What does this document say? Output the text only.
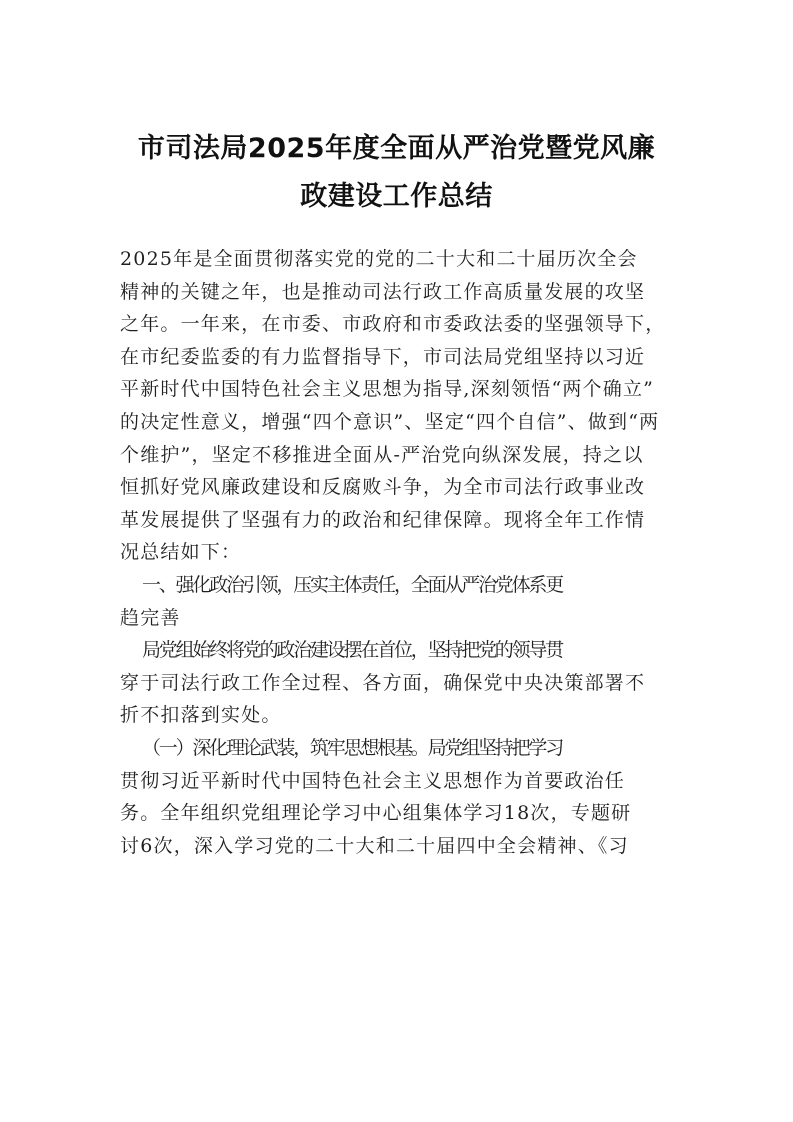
市司法局2025年度全面从严治党暨党风廉
政建设工作总结
2025年是全面贯彻落实党的党的二十大和二十届历次全会
精神的关键之年，也是推动司法行政工作高质量发展的攻坚
之年。一年来，在市委、市政府和市委政法委的坚强领导下，
在市纪委监委的有力监督指导下，市司法局党组坚持以习近
平新时代中国特色社会主义思想为指导,深刻领悟“两个确立”
的决定性意义，增强“四个意识”、坚定“四个自信”、做到“两
个维护”，坚定不移推进全面从-严治党向纵深发展，持之以
恒抓好党风廉政建设和反腐败斗争，为全市司法行政事业改
革发展提供了坚强有力的政治和纪律保障。现将全年工作情
况总结如下：
一、强化政治引领，压实主体责任，全面从严治党体系更
趋完善
局党组始终将党的政治建设摆在首位，坚持把党的领导贯
穿于司法行政工作全过程、各方面，确保党中央决策部署不
折不扣落到实处。
（一）深化理论武装，筑牢思想根基。局党组坚持把学习
贯彻习近平新时代中国特色社会主义思想作为首要政治任
务。全年组织党组理论学习中心组集体学习18次，专题研
讨6次，深入学习党的二十大和二十届四中全会精神、《习
